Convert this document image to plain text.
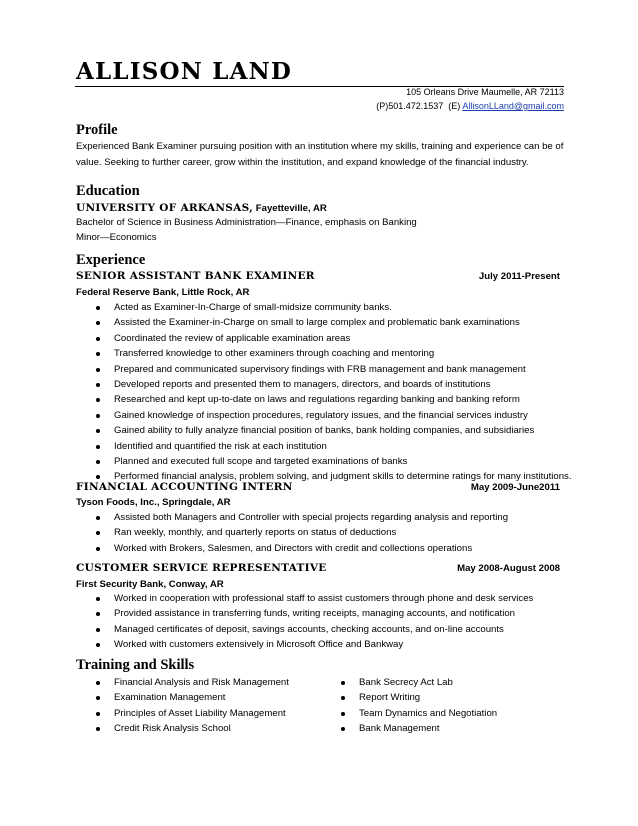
ALLISON LAND
105 Orleans Drive Maumelle, AR 72113
(P)501.472.1537 (E) AllisonLLand@gmail.com
Profile
Experienced Bank Examiner pursuing position with an institution where my skills, training and experience can be of value. Seeking to further career, grow within the institution, and expand knowledge of the financial industry.
Education
UNIVERSITY OF ARKANSAS, Fayetteville, AR
Bachelor of Science in Business Administration—Finance, emphasis on Banking
Minor—Economics
Experience
SENIOR ASSISTANT BANK EXAMINER	July 2011-Present
Federal Reserve Bank, Little Rock, AR
Acted as Examiner-In-Charge of small-midsize community banks.
Assisted the Examiner-in-Charge on small to large complex and problematic bank examinations
Coordinated the review of applicable examination areas
Transferred knowledge to other examiners through coaching and mentoring
Prepared and communicated supervisory findings with FRB management and bank management
Developed reports and presented them to managers, directors, and boards of institutions
Researched and kept up-to-date on laws and regulations regarding banking and banking reform
Gained knowledge of inspection procedures, regulatory issues, and the financial services industry
Gained ability to fully analyze financial position of banks, bank holding companies, and subsidiaries
Identified and quantified the risk at each institution
Planned and executed full scope and targeted examinations of banks
Performed financial analysis, problem solving, and judgment skills to determine ratings for many institutions.
FINANCIAL ACCOUNTING INTERN	May 2009-June2011
Tyson Foods, Inc., Springdale, AR
Assisted both Managers and Controller with special projects regarding analysis and reporting
Ran weekly, monthly, and quarterly reports on status of deductions
Worked with Brokers, Salesmen, and Directors with credit and collections operations
CUSTOMER SERVICE REPRESENTATIVE	May 2008-August 2008
First Security Bank, Conway, AR
Worked in cooperation with professional staff to assist customers through phone and desk services
Provided assistance in transferring funds, writing receipts, managing accounts, and notification
Managed certificates of deposit, savings accounts, checking accounts, and on-line accounts
Worked with customers extensively in Microsoft Office and Bankway
Training and Skills
Financial Analysis and Risk Management
Examination Management
Principles of Asset Liability Management
Credit Risk Analysis School
Bank Secrecy Act Lab
Report Writing
Team Dynamics and Negotiation
Bank Management
